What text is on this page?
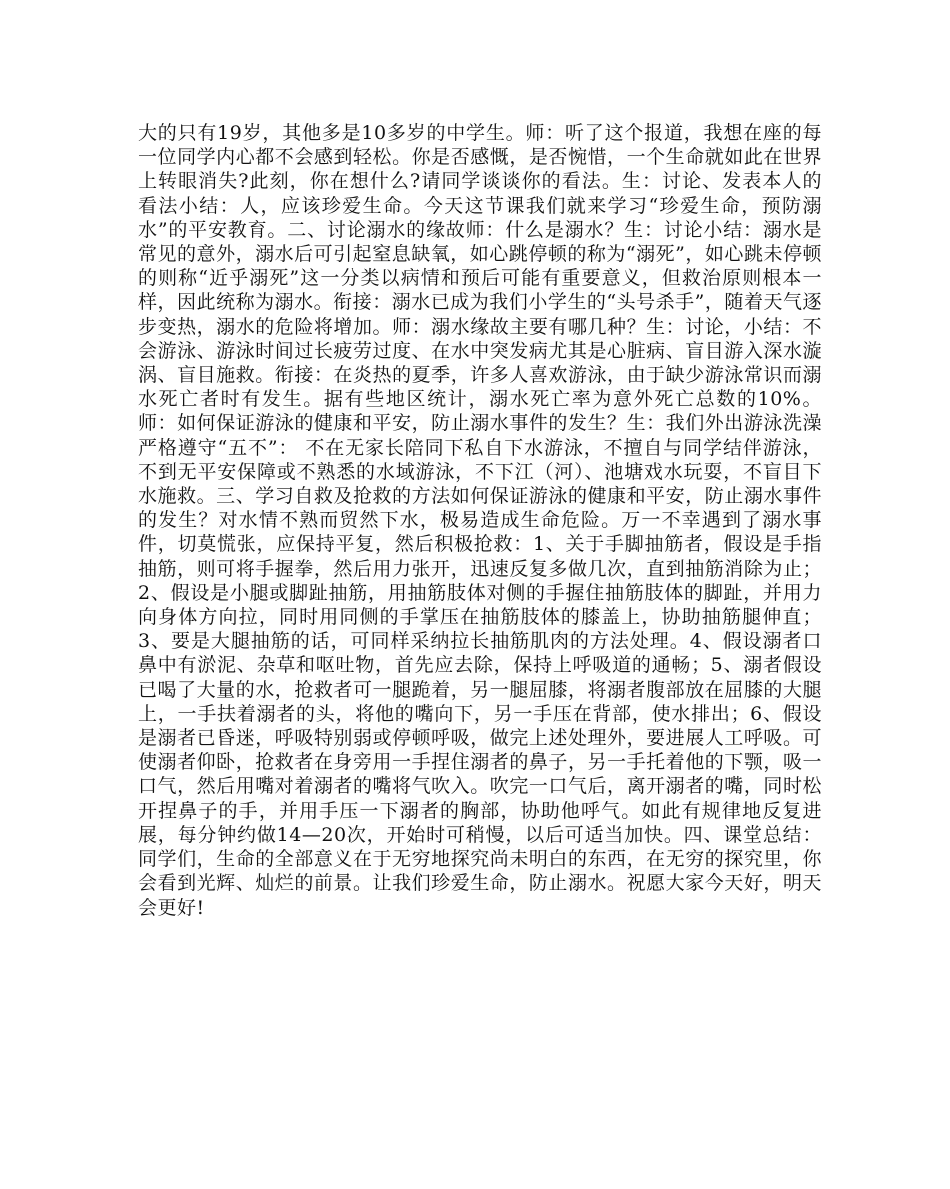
大的只有19岁，其他多是10多岁的中学生。师：听了这个报道，我想在座的每一位同学内心都不会感到轻松。你是否感慨，是否惋惜，一个生命就如此在世界上转眼消失?此刻，你在想什么?请同学谈谈你的看法。生：讨论、发表本人的看法小结：人，应该珍爱生命。今天这节课我们就来学习“珍爱生命，预防溺水”的平安教育。二、讨论溺水的缘故师：什么是溺水？生：讨论小结：溺水是常见的意外，溺水后可引起窒息缺氧，如心跳停顿的称为“溺死”，如心跳未停顿的则称“近乎溺死”这一分类以病情和预后可能有重要意义，但救治原则根本一样，因此统称为溺水。衔接：溺水已成为我们小学生的“头号杀手”，随着天气逐步变热，溺水的危险将增加。师：溺水缘故主要有哪几种？生：讨论，小结：不会游泳、游泳时间过长疲劳过度、在水中突发病尤其是心脏病、盲目游入深水漩涡、盲目施救。衔接：在炎热的夏季，许多人喜欢游泳，由于缺少游泳常识而溺水死亡者时有发生。据有些地区统计，溺水死亡率为意外死亡总数的10%。师：如何保证游泳的健康和平安，防止溺水事件的发生？生：我们外出游泳洗澡严格遵守“五不”： 不在无家长陪同下私自下水游泳，不擅自与同学结伴游泳，不到无平安保障或不熟悉的水域游泳，不下江（河）、池塘戏水玩耍，不盲目下水施救。三、学习自救及抢救的方法如何保证游泳的健康和平安，防止溺水事件的发生？对水情不熟而贸然下水，极易造成生命危险。万一不幸遇到了溺水事件，切莫慌张，应保持平复，然后积极抢救：1、关于手脚抽筋者，假设是手指抽筋，则可将手握拳，然后用力张开，迅速反复多做几次，直到抽筋消除为止；2、假设是小腿或脚趾抽筋，用抽筋肢体对侧的手握住抽筋肢体的脚趾，并用力向身体方向拉，同时用同侧的手掌压在抽筋肢体的膝盖上，协助抽筋腿伸直；3、要是大腿抽筋的话，可同样采纳拉长抽筋肌肉的方法处理。4、假设溺者口鼻中有淤泥、杂草和呕吐物，首先应去除，保持上呼吸道的通畅；5、溺者假设已喝了大量的水，抢救者可一腿跪着，另一腿屈膝，将溺者腹部放在屈膝的大腿上，一手扶着溺者的头，将他的嘴向下，另一手压在背部，使水排出；6、假设是溺者已昏迷，呼吸特别弱或停顿呼吸，做完上述处理外，要进展人工呼吸。可使溺者仰卧，抢救者在身旁用一手捏住溺者的鼻子，另一手托着他的下颚，吸一口气，然后用嘴对着溺者的嘴将气吹入。吹完一口气后，离开溺者的嘴，同时松开捏鼻子的手，并用手压一下溺者的胸部，协助他呼气。如此有规律地反复进展，每分钟约做14—20次，开始时可稍慢，以后可适当加快。四、课堂总结：同学们，生命的全部意义在于无穷地探究尚未明白的东西，在无穷的探究里，你会看到光辉、灿烂的前景。让我们珍爱生命，防止溺水。祝愿大家今天好，明天会更好!
